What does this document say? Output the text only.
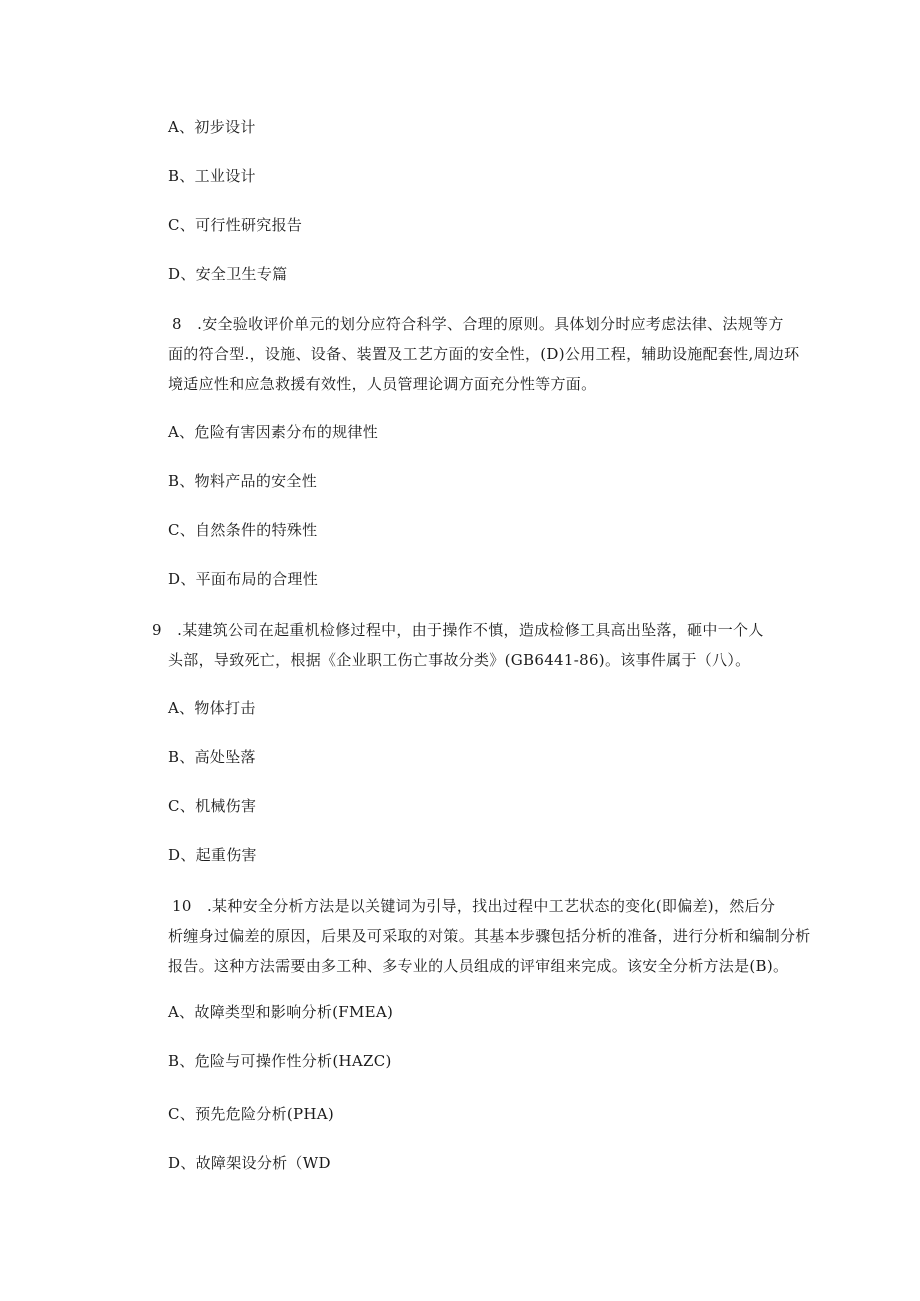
A、初步设计
B、工业设计
C、可行性研究报告
D、安全卫生专篇
8　.安全验收评价单元的划分应符合科学、合理的原则。具体划分时应考虑法律、法规等方
面的符合型.，设施、设备、装置及工艺方面的安全性，(D)公用工程，辅助设施配套性,周边环
境适应性和应急救援有效性，人员管理论调方面充分性等方面。
A、危险有害因素分布的规律性
B、物料产品的安全性
C、自然条件的特殊性
D、平面布局的合理性
9　.某建筑公司在起重机检修过程中，由于操作不慎，造成检修工具高出坠落，砸中一个人
头部，导致死亡，根据《企业职工伤亡事故分类》(GB6441-86)。该事件属于（八）。
A、物体打击
B、高处坠落
C、机械伤害
D、起重伤害
10　.某种安全分析方法是以关键词为引导，找出过程中工艺状态的变化(即偏差)，然后分
析缠身过偏差的原因，后果及可采取的对策。其基本步骤包括分析的准备，进行分析和编制分析
报告。这种方法需要由多工种、多专业的人员组成的评审组来完成。该安全分析方法是(B)。
A、故障类型和影响分析(FMEA)
B、危险与可操作性分析(HAZC)
C、预先危险分析(PHA)
D、故障架设分析（WD
